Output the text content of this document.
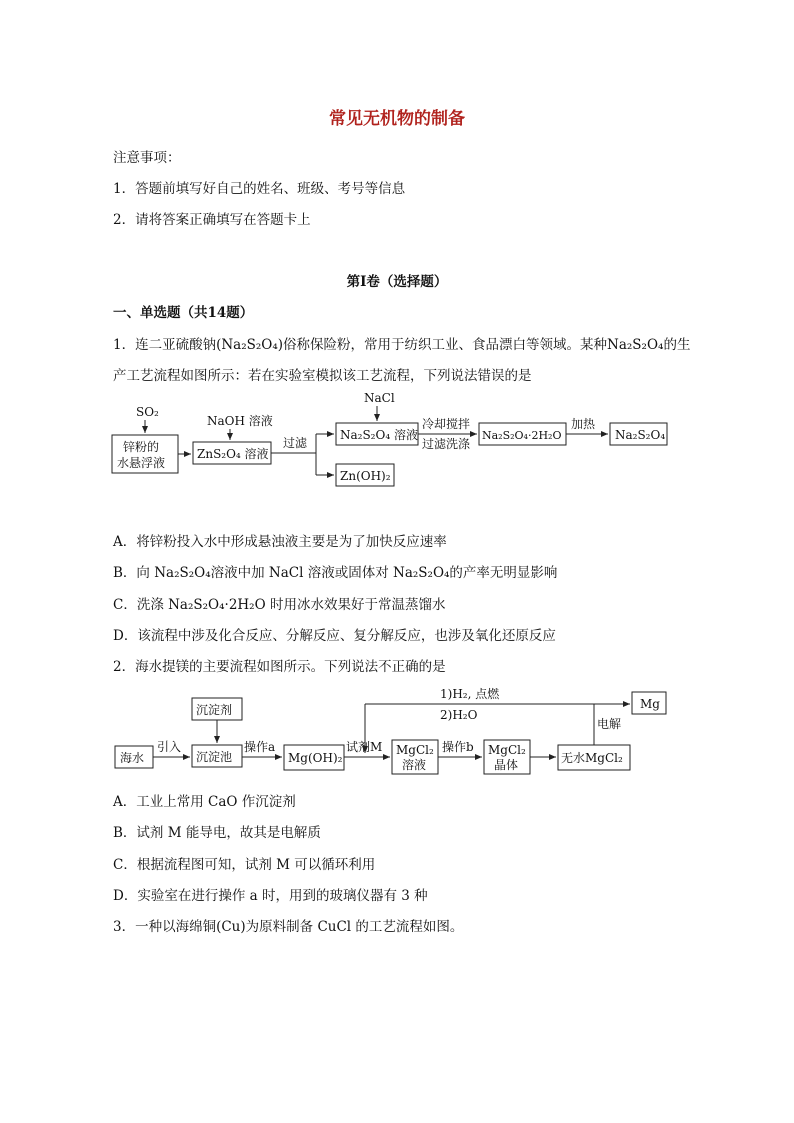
常见无机物的制备
注意事项：
1．答题前填写好自己的姓名、班级、考号等信息
2．请将答案正确填写在答题卡上
第I卷（选择题）
一、单选题（共14题）
1．连二亚硫酸钠(Na₂S₂O₄)俗称保险粉，常用于纺织工业、食品漂白等领域。某种Na₂S₂O₄的生
产工艺流程如图所示：若在实验室模拟该工艺流程，下列说法错误的是
SO₂
锌粉的
水悬浮液
NaOH 溶液
ZnS₂O₄ 溶液
过滤
NaCl
Na₂S₂O₄ 溶液
冷却搅拌
过滤洗涤
Na₂S₂O₄·2H₂O
加热
Na₂S₂O₄
Zn(OH)₂
A．将锌粉投入水中形成悬浊液主要是为了加快反应速率
B．向 Na₂S₂O₄溶液中加 NaCl 溶液或固体对 Na₂S₂O₄的产率无明显影响
C．洗涤 Na₂S₂O₄·2H₂O 时用冰水效果好于常温蒸馏水
D．该流程中涉及化合反应、分解反应、复分解反应，也涉及氧化还原反应
2．海水提镁的主要流程如图所示。下列说法不正确的是
海水
引入
沉淀剂
沉淀池
操作a
Mg(OH)₂
试剂M MgCl₂
溶液
操作b MgCl₂
晶体	无水MgCl₂
电解
Mg
1)H₂, 点燃
2)H₂O
A．工业上常用 CaO 作沉淀剂
B．试剂 M 能导电，故其是电解质
C．根据流程图可知，试剂 M 可以循环利用
D．实验室在进行操作 a 时，用到的玻璃仪器有 3 种
3．一种以海绵铜(Cu)为原料制备 CuCl 的工艺流程如图。
